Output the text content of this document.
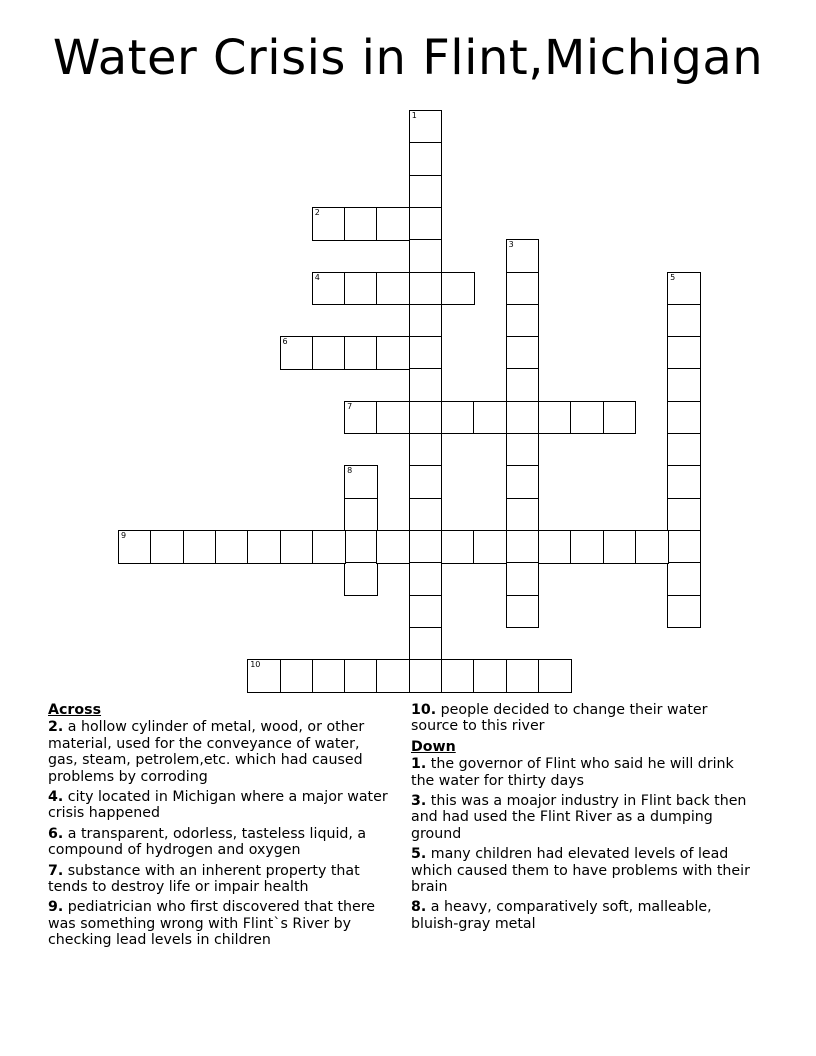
Water Crisis in Flint,Michigan
1
2
3
4	5
6
7
8
9
10
Across
2. a hollow cylinder of metal, wood, or other material, used for the conveyance of water, gas, steam, petrolem,etc. which had caused problems by corroding
4. city located in Michigan where a major water crisis happened
6. a transparent, odorless, tasteless liquid, a compound of hydrogen and oxygen
7. substance with an inherent property that tends to destroy life or impair health
9. pediatrician who first discovered that there was something wrong with Flint`s River by checking lead levels in children
10. people decided to change their water source to this river
Down
1. the governor of Flint who said he will drink the water for thirty days
3. this was a moajor industry in Flint back then and had used the Flint River as a dumping ground
5. many children had elevated levels of lead which caused them to have problems with their brain
8. a heavy, comparatively soft, malleable, bluish-gray metal
